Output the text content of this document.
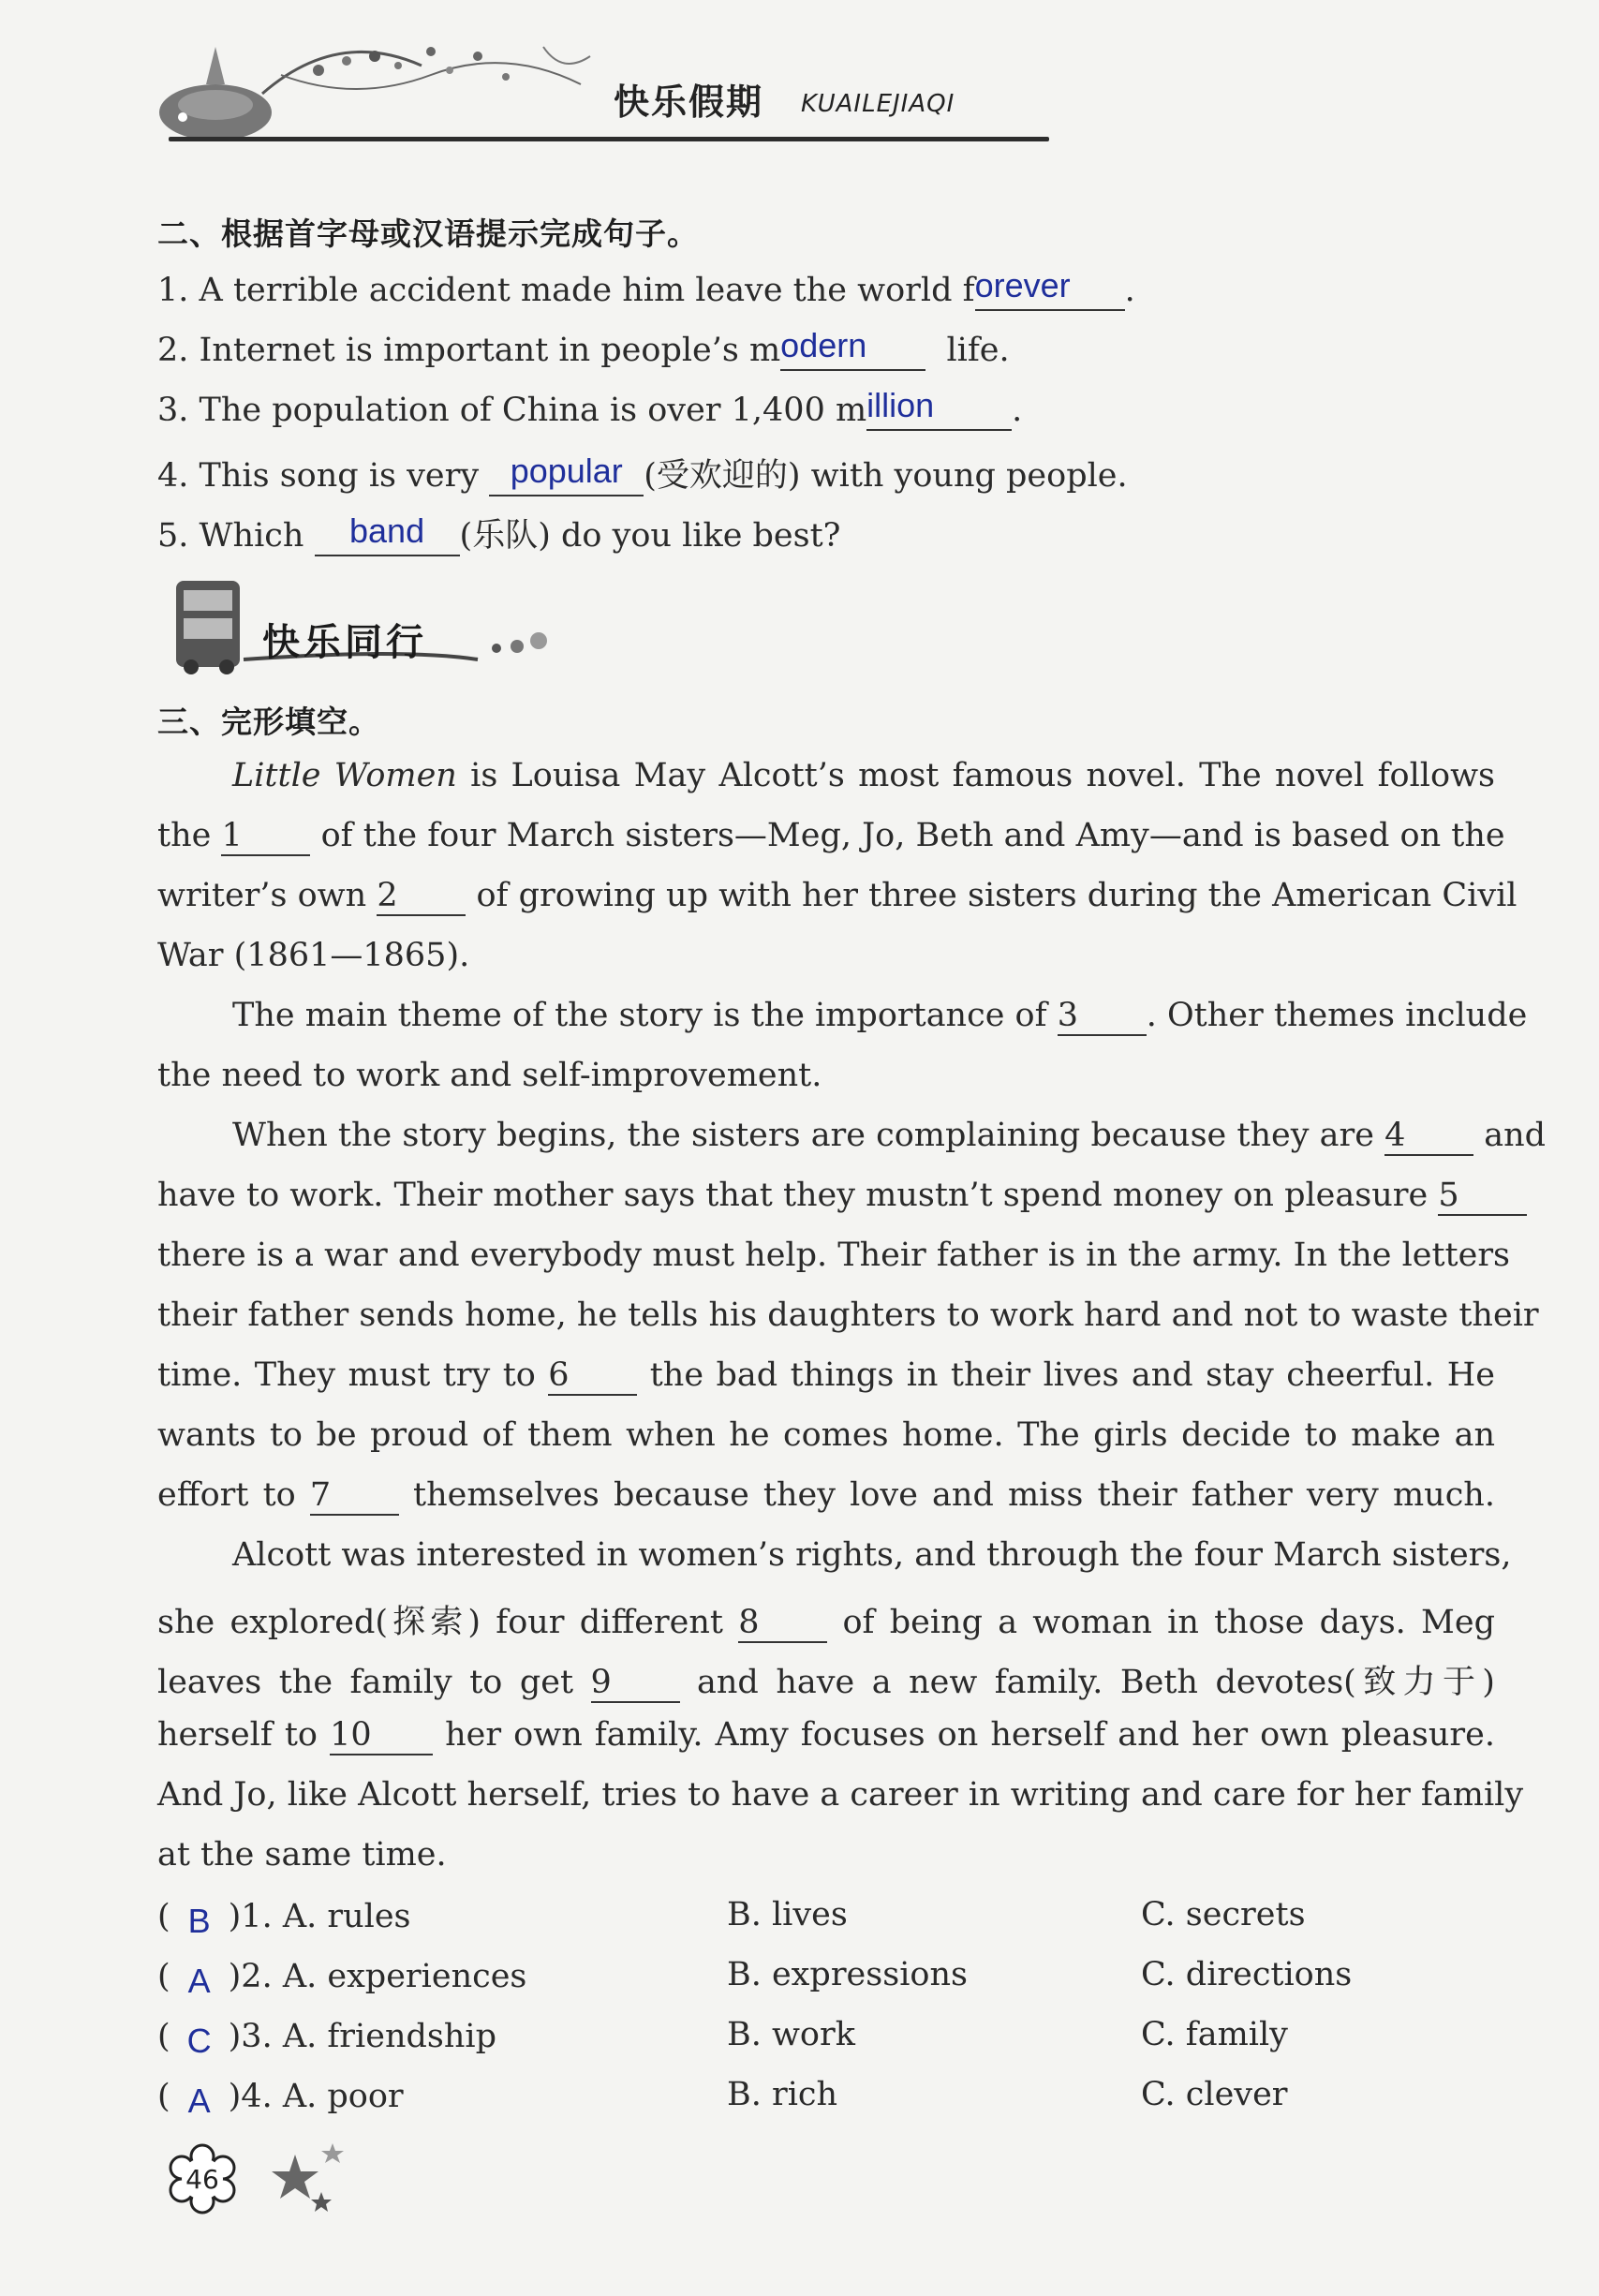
快乐假期 KUAILEJIAQI
二、根据首字母或汉语提示完成句子。
1. A terrible accident made him leave the world forever .
2. Internet is important in people’s modern life.
3. The population of China is over 1,400 million .
4. This song is very popular (受欢迎的) with young people.
5. Which band (乐队) do you like best?
快乐同行
三、完形填空。
Little Women is Louisa May Alcott’s most famous novel. The novel follows
the 1 of the four March sisters—Meg, Jo, Beth and Amy—and is based on the
writer’s own 2 of growing up with her three sisters during the American Civil
War (1861—1865).
The main theme of the story is the importance of 3 . Other themes include
the need to work and self-improvement.
When the story begins, the sisters are complaining because they are 4 and
have to work. Their mother says that they mustn’t spend money on pleasure 5
there is a war and everybody must help. Their father is in the army. In the letters
their father sends home, he tells his daughters to work hard and not to waste their
time. They must try to 6 the bad things in their lives and stay cheerful. He
wants to be proud of them when he comes home. The girls decide to make an
effort to 7	themselves because they love and miss their father very much.
Alcott was interested in women’s rights, and through the four March sisters,
she explored(探索) four different 8	of being a woman in those days. Meg
leaves the family to get 9	and have a new family. Beth devotes(致力于)
herself to 10 her own family. Amy focuses on herself and her own pleasure.
And Jo, like Alcott herself, tries to have a career in writing and care for her family
at the same time.
( B )1. A. rules	B. lives	C. secrets
( A )2. A. experiences	B. expressions	C. directions
( C )3. A. friendship	B. work	C. family
( A )4. A. poor	B. rich	C. clever
46
